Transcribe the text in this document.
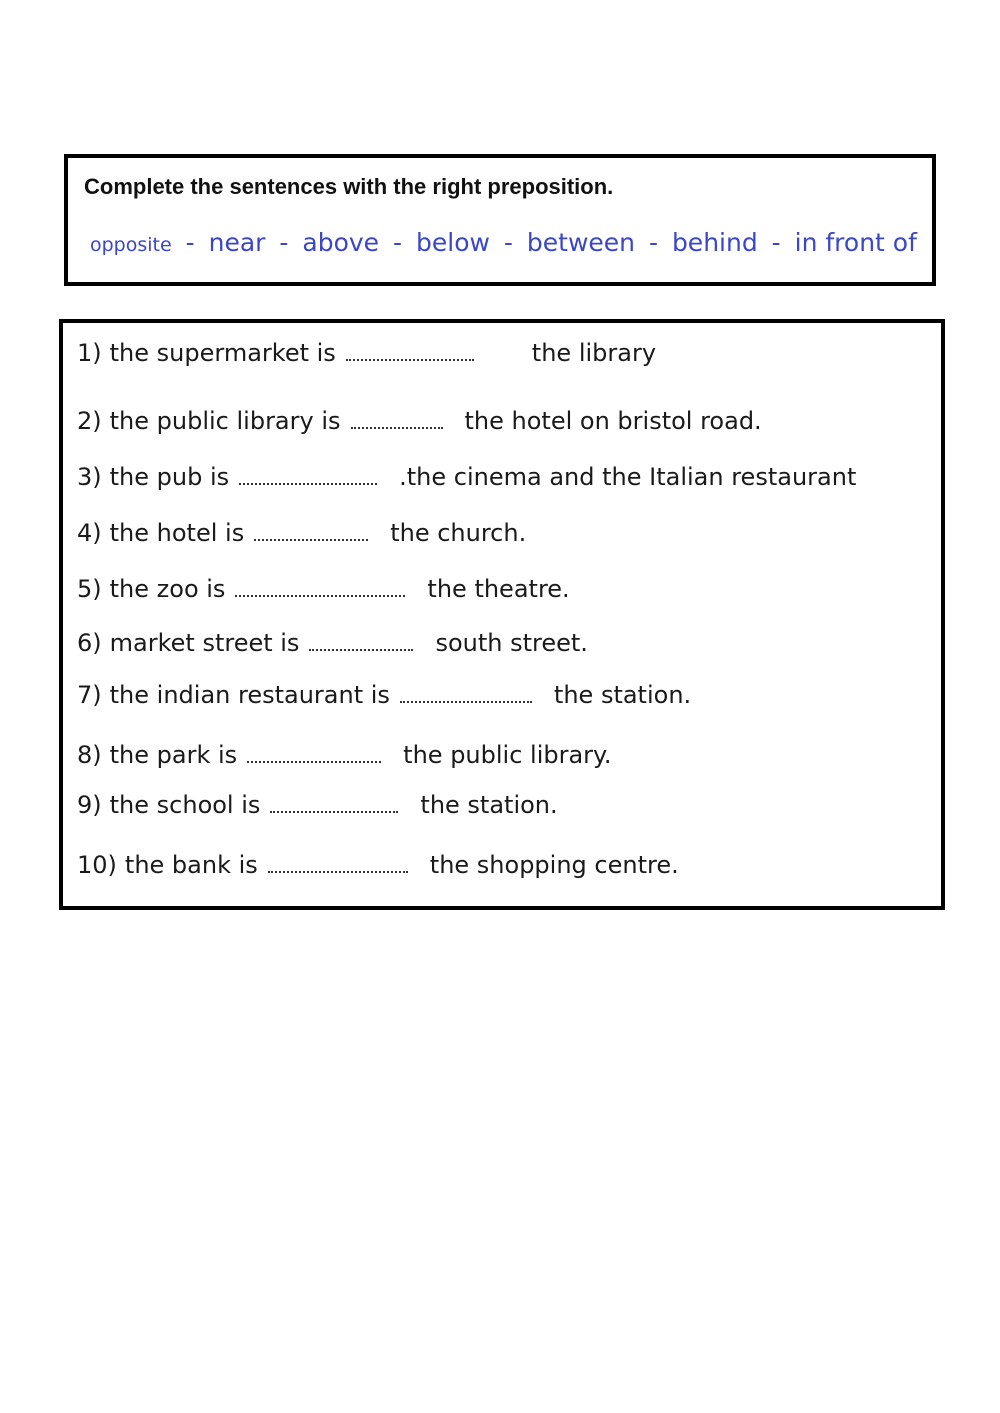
Complete the sentences with the right preposition.
opposite - near - above - below - between - behind - in front of
1) the supermarket is	the library
2) the public library is	the hotel on bristol road.
3) the pub is	.the cinema and the Italian restaurant
4) the hotel is	the church.
5) the zoo is	the theatre.
6) market street is	south street.
7) the indian restaurant is	the station.
8) the park is	the public library.
9) the school is	the station.
10) the bank is	the shopping centre.
